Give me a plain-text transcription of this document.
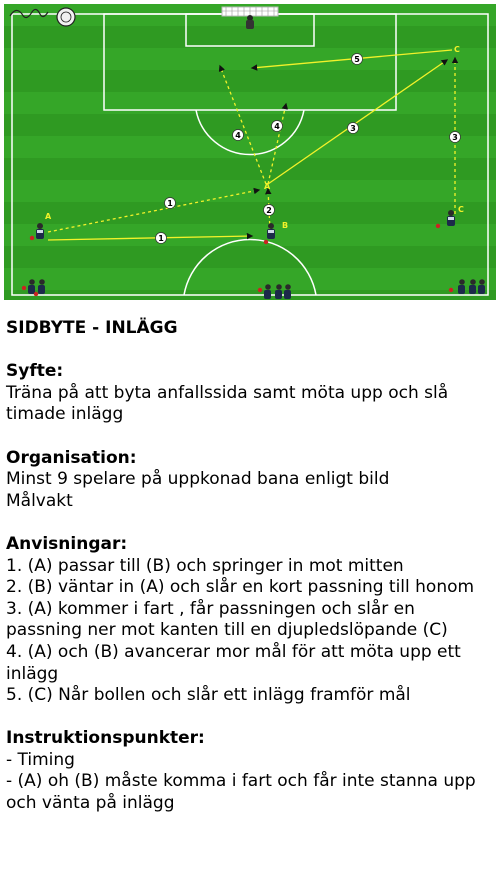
1
1
2
3
3
4
4
5
A
A
B
C
C

SIDBYTE - INLÄGG

Syfte:

Träna på att byta anfallssida samt möta upp och slå timade inlägg

Organisation:

Minst 9 spelare på uppkonad bana enligt bild

Målvakt

Anvisningar:

1. (A) passar till (B) och springer in mot mitten

2. (B) väntar in (A) och slår en kort passning till honom

3. (A) kommer i fart , får passningen och slår en passning ner mot kanten till en djupledslöpande (C)

4. (A) och (B) avancerar mor mål för att möta upp ett inlägg

5. (C) Når bollen och slår ett inlägg framför mål

Instruktionspunkter:

- Timing

- (A) oh (B) måste komma i fart och får inte stanna upp och vänta på inlägg
